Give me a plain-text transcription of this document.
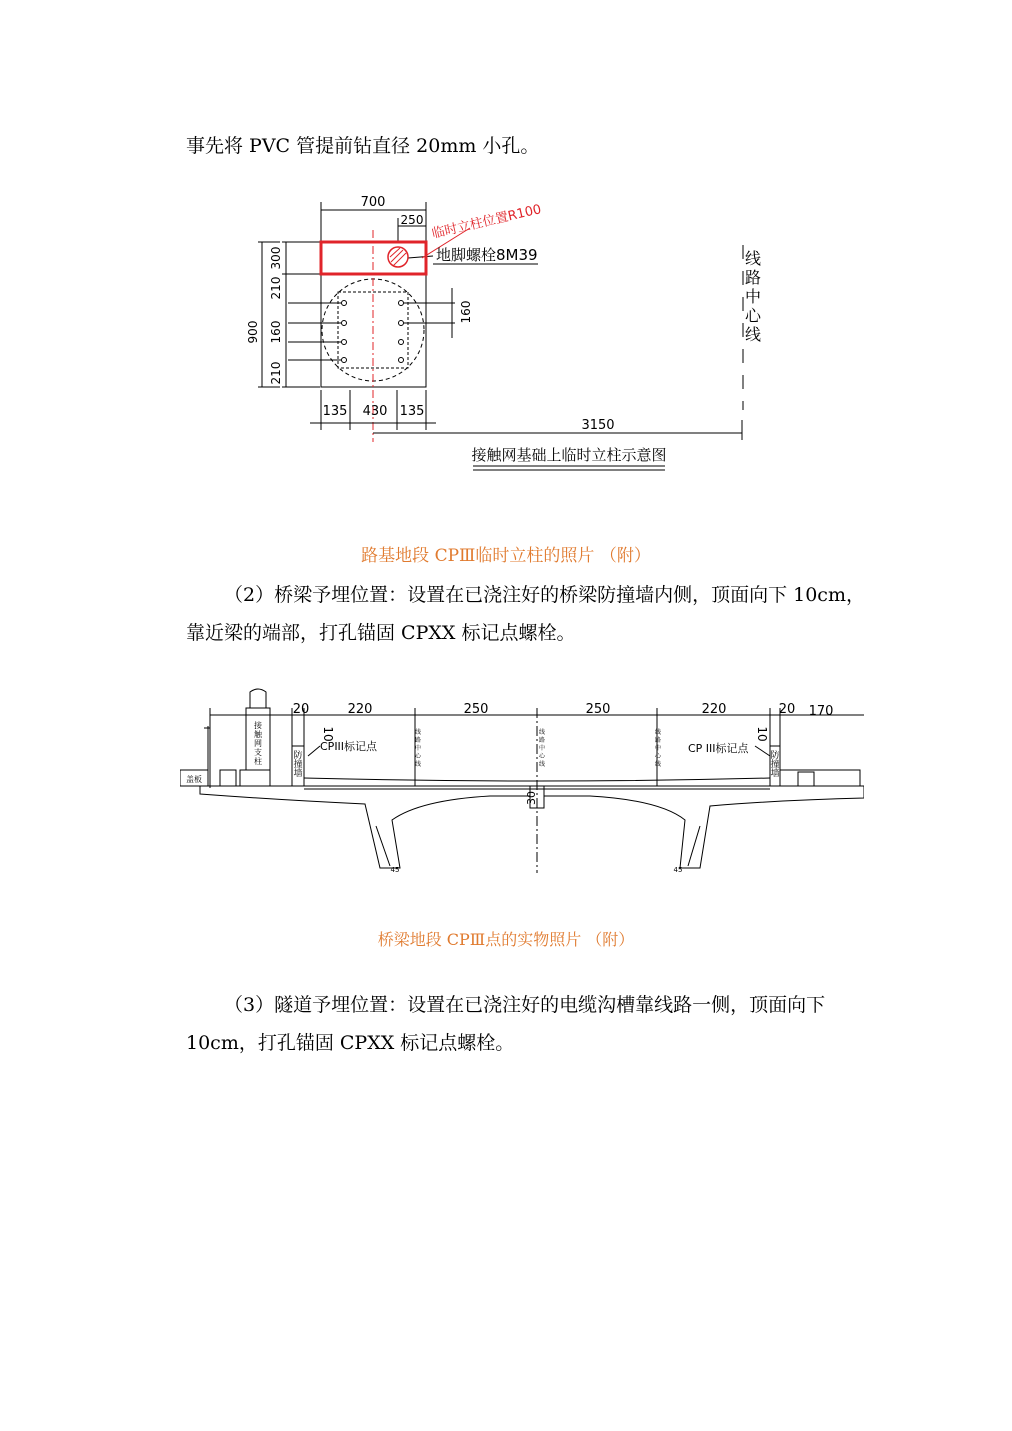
事先将 PVC 管提前钻直径 20mm 小孔。

700
250 临时立柱位置R100
地脚螺栓8M39
300
210
160
210
900
160
135 430 135
3150
接触网基础上临时立柱示意图
线
路
中
心
线

路基地段 CPⅢ临时立柱的照片 （附）

（2）桥梁予埋位置：设置在已浇注好的桥梁防撞墙内侧，顶面向下 10cm，靠近梁的端部，打孔锚固 CPXX 标记点螺栓。

20	220	250	250	220	20 170
10	10
CPIII标记点	CP III标记点
防
撞
墙
防
撞
墙
接
触
网
支
柱
线
路
中
心
线
线
路
中
心
线
线
路
中
心
线
盖板
30
45	45

桥梁地段 CPⅢ点的实物照片 （附）

（3）隧道予埋位置：设置在已浇注好的电缆沟槽靠线路一侧，顶面向下 10cm，打孔锚固 CPXX 标记点螺栓。
